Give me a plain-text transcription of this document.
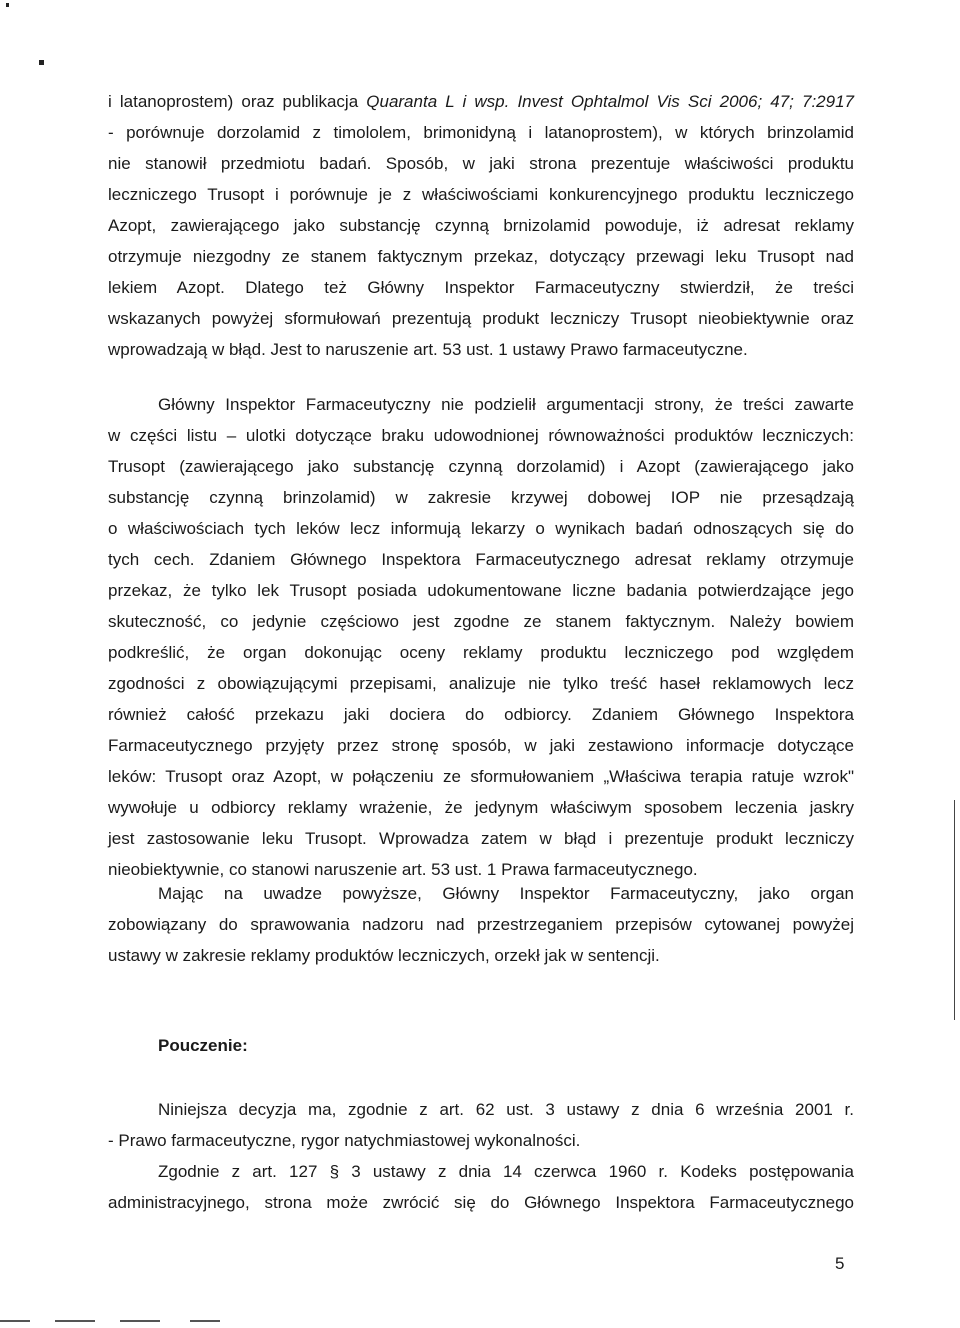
i latanoprostem) oraz publikacja Quaranta L i wsp. Invest Ophtalmol Vis Sci 2006; 47; 7:2917
- porównuje dorzolamid z timololem, brimonidyną i latanoprostem), w których brinzolamid
nie stanowił przedmiotu badań. Sposób, w jaki strona prezentuje właściwości produktu
leczniczego Trusopt i porównuje je z właściwościami konkurencyjnego produktu leczniczego
Azopt, zawierającego jako substancję czynną brnizolamid powoduje, iż adresat reklamy
otrzymuje niezgodny ze stanem faktycznym przekaz, dotyczący przewagi leku Trusopt nad
lekiem Azopt. Dlatego też Główny Inspektor Farmaceutyczny stwierdził, że treści
wskazanych powyżej sformułowań prezentują produkt leczniczy Trusopt nieobiektywnie oraz
wprowadzają w błąd. Jest to naruszenie art. 53 ust. 1 ustawy Prawo farmaceutyczne.
Główny Inspektor Farmaceutyczny nie podzielił argumentacji strony, że treści zawarte
w części listu – ulotki dotyczące braku udowodnionej równoważności produktów leczniczych:
Trusopt (zawierającego jako substancję czynną dorzolamid) i Azopt (zawierającego jako
substancję czynną brinzolamid) w zakresie krzywej dobowej IOP nie przesądzają
o właściwościach tych leków lecz informują lekarzy o wynikach badań odnoszących się do
tych cech. Zdaniem Głównego Inspektora Farmaceutycznego adresat reklamy otrzymuje
przekaz, że tylko lek Trusopt posiada udokumentowane liczne badania potwierdzające jego
skuteczność, co jedynie częściowo jest zgodne ze stanem faktycznym. Należy bowiem
podkreślić, że organ dokonując oceny reklamy produktu leczniczego pod względem
zgodności z obowiązującymi przepisami, analizuje nie tylko treść haseł reklamowych lecz
również całość przekazu jaki dociera do odbiorcy. Zdaniem Głównego Inspektora
Farmaceutycznego przyjęty przez stronę sposób, w jaki zestawiono informacje dotyczące
leków: Trusopt oraz Azopt, w połączeniu ze sformułowaniem „Właściwa terapia ratuje wzrok"
wywołuje u odbiorcy reklamy wrażenie, że jedynym właściwym sposobem leczenia jaskry
jest zastosowanie leku Trusopt. Wprowadza zatem w błąd i prezentuje produkt leczniczy
nieobiektywnie, co stanowi naruszenie art. 53 ust. 1 Prawa farmaceutycznego.
Mając na uwadze powyższe, Główny Inspektor Farmaceutyczny, jako organ
zobowiązany do sprawowania nadzoru nad przestrzeganiem przepisów cytowanej powyżej
ustawy w zakresie reklamy produktów leczniczych, orzekł jak w sentencji.
Pouczenie:
Niniejsza decyzja ma, zgodnie z art. 62 ust. 3 ustawy z dnia 6 września 2001 r.
- Prawo farmaceutyczne, rygor natychmiastowej wykonalności.
Zgodnie z art. 127 § 3 ustawy z dnia 14 czerwca 1960 r. Kodeks postępowania
administracyjnego, strona może zwrócić się do Głównego Inspektora Farmaceutycznego
5
